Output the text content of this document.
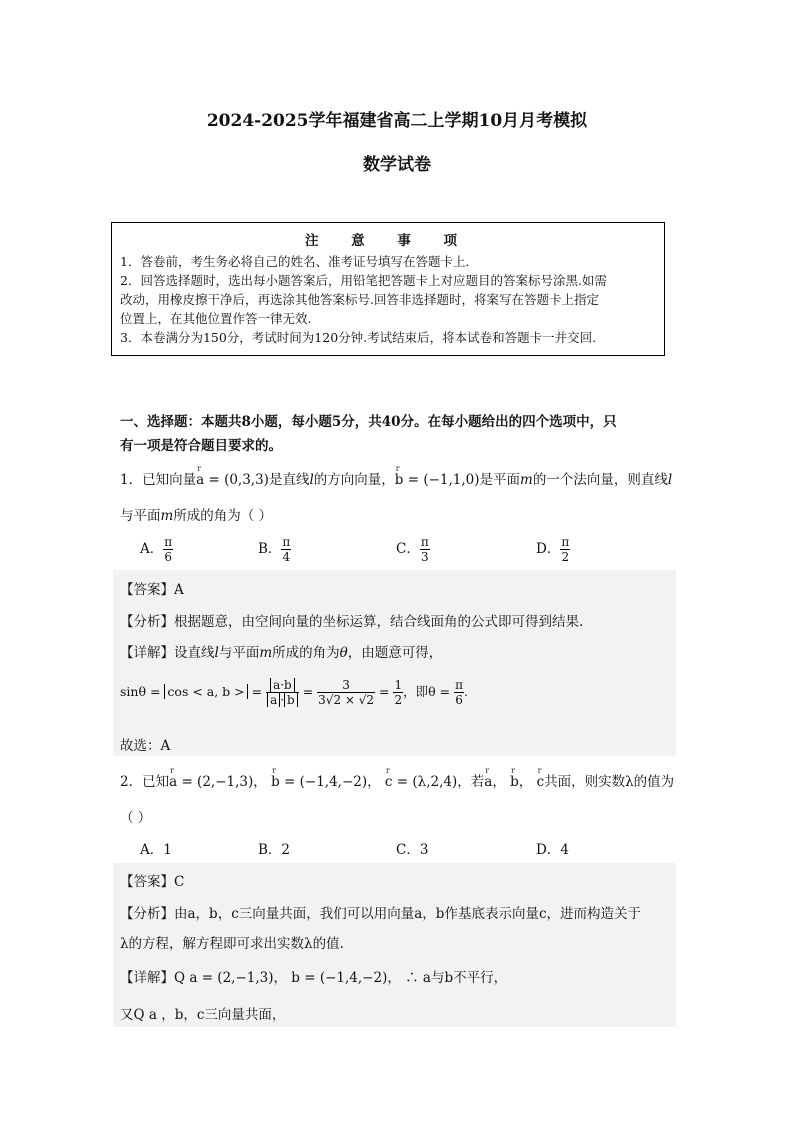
2024-2025学年福建省高二上学期10月月考模拟
数学试卷
注 意 事 项
1．答卷前，考生务必将自己的姓名、准考证号填写在答题卡上．
2．回答选择题时，选出每小题答案后，用铅笔把答题卡上对应题目的答案标号涂黑.如需
改动，用橡皮擦干净后，再选涂其他答案标号.回答非选择题时，将案写在答题卡上指定
位置上，在其他位置作答一律无效.
3．本卷满分为150分，考试时间为120分钟.考试结束后，将本试卷和答题卡一并交回.
一、选择题：本题共8小题，每小题5分，共40分。在每小题给出的四个选项中，只
有一项是符合题目要求的。
1．已知向量r a = (0,3,3)是直线l的方向向量，r b = (−1,1,0)是平面m的一个法向量，则直线l
与平面m所成的角为（ ）
A． $\frac{\pi}{6}$	B． $\frac{\pi}{4}$	C． $\frac{\pi}{3}$	D． $\frac{\pi}{2}$
【答案】A
【分析】根据题意，由空间向量的坐标运算，结合线面角的公式即可得到结果.
【详解】设直线l与平面m所成的角为θ，由题意可得，
sinθ = cos < a, b > = $\frac{a\cdot b}{a \cdot b} = \frac{3}{3√2 \times √2} = \frac{1}{2}$ ，即$\theta = \frac{\pi}{6}$ .
故选：A
2．已知r a = (2,−1,3)， r b = (−1,4,−2)， r c = (λ,2,4)，若r a， r b， r c共面，则实数λ的值为
（ ）
A．1	B．2	C．3	D．4
【答案】C
【分析】由a，b，c三向量共面，我们可以用向量a，b作基底表示向量c，进而构造关于
λ的方程，解方程即可求出实数λ的值.
【详解】Q a = (2,−1,3)， b = (−1,4,−2)， ∴ a与b不平行，
又Q a ，b，c三向量共面，
